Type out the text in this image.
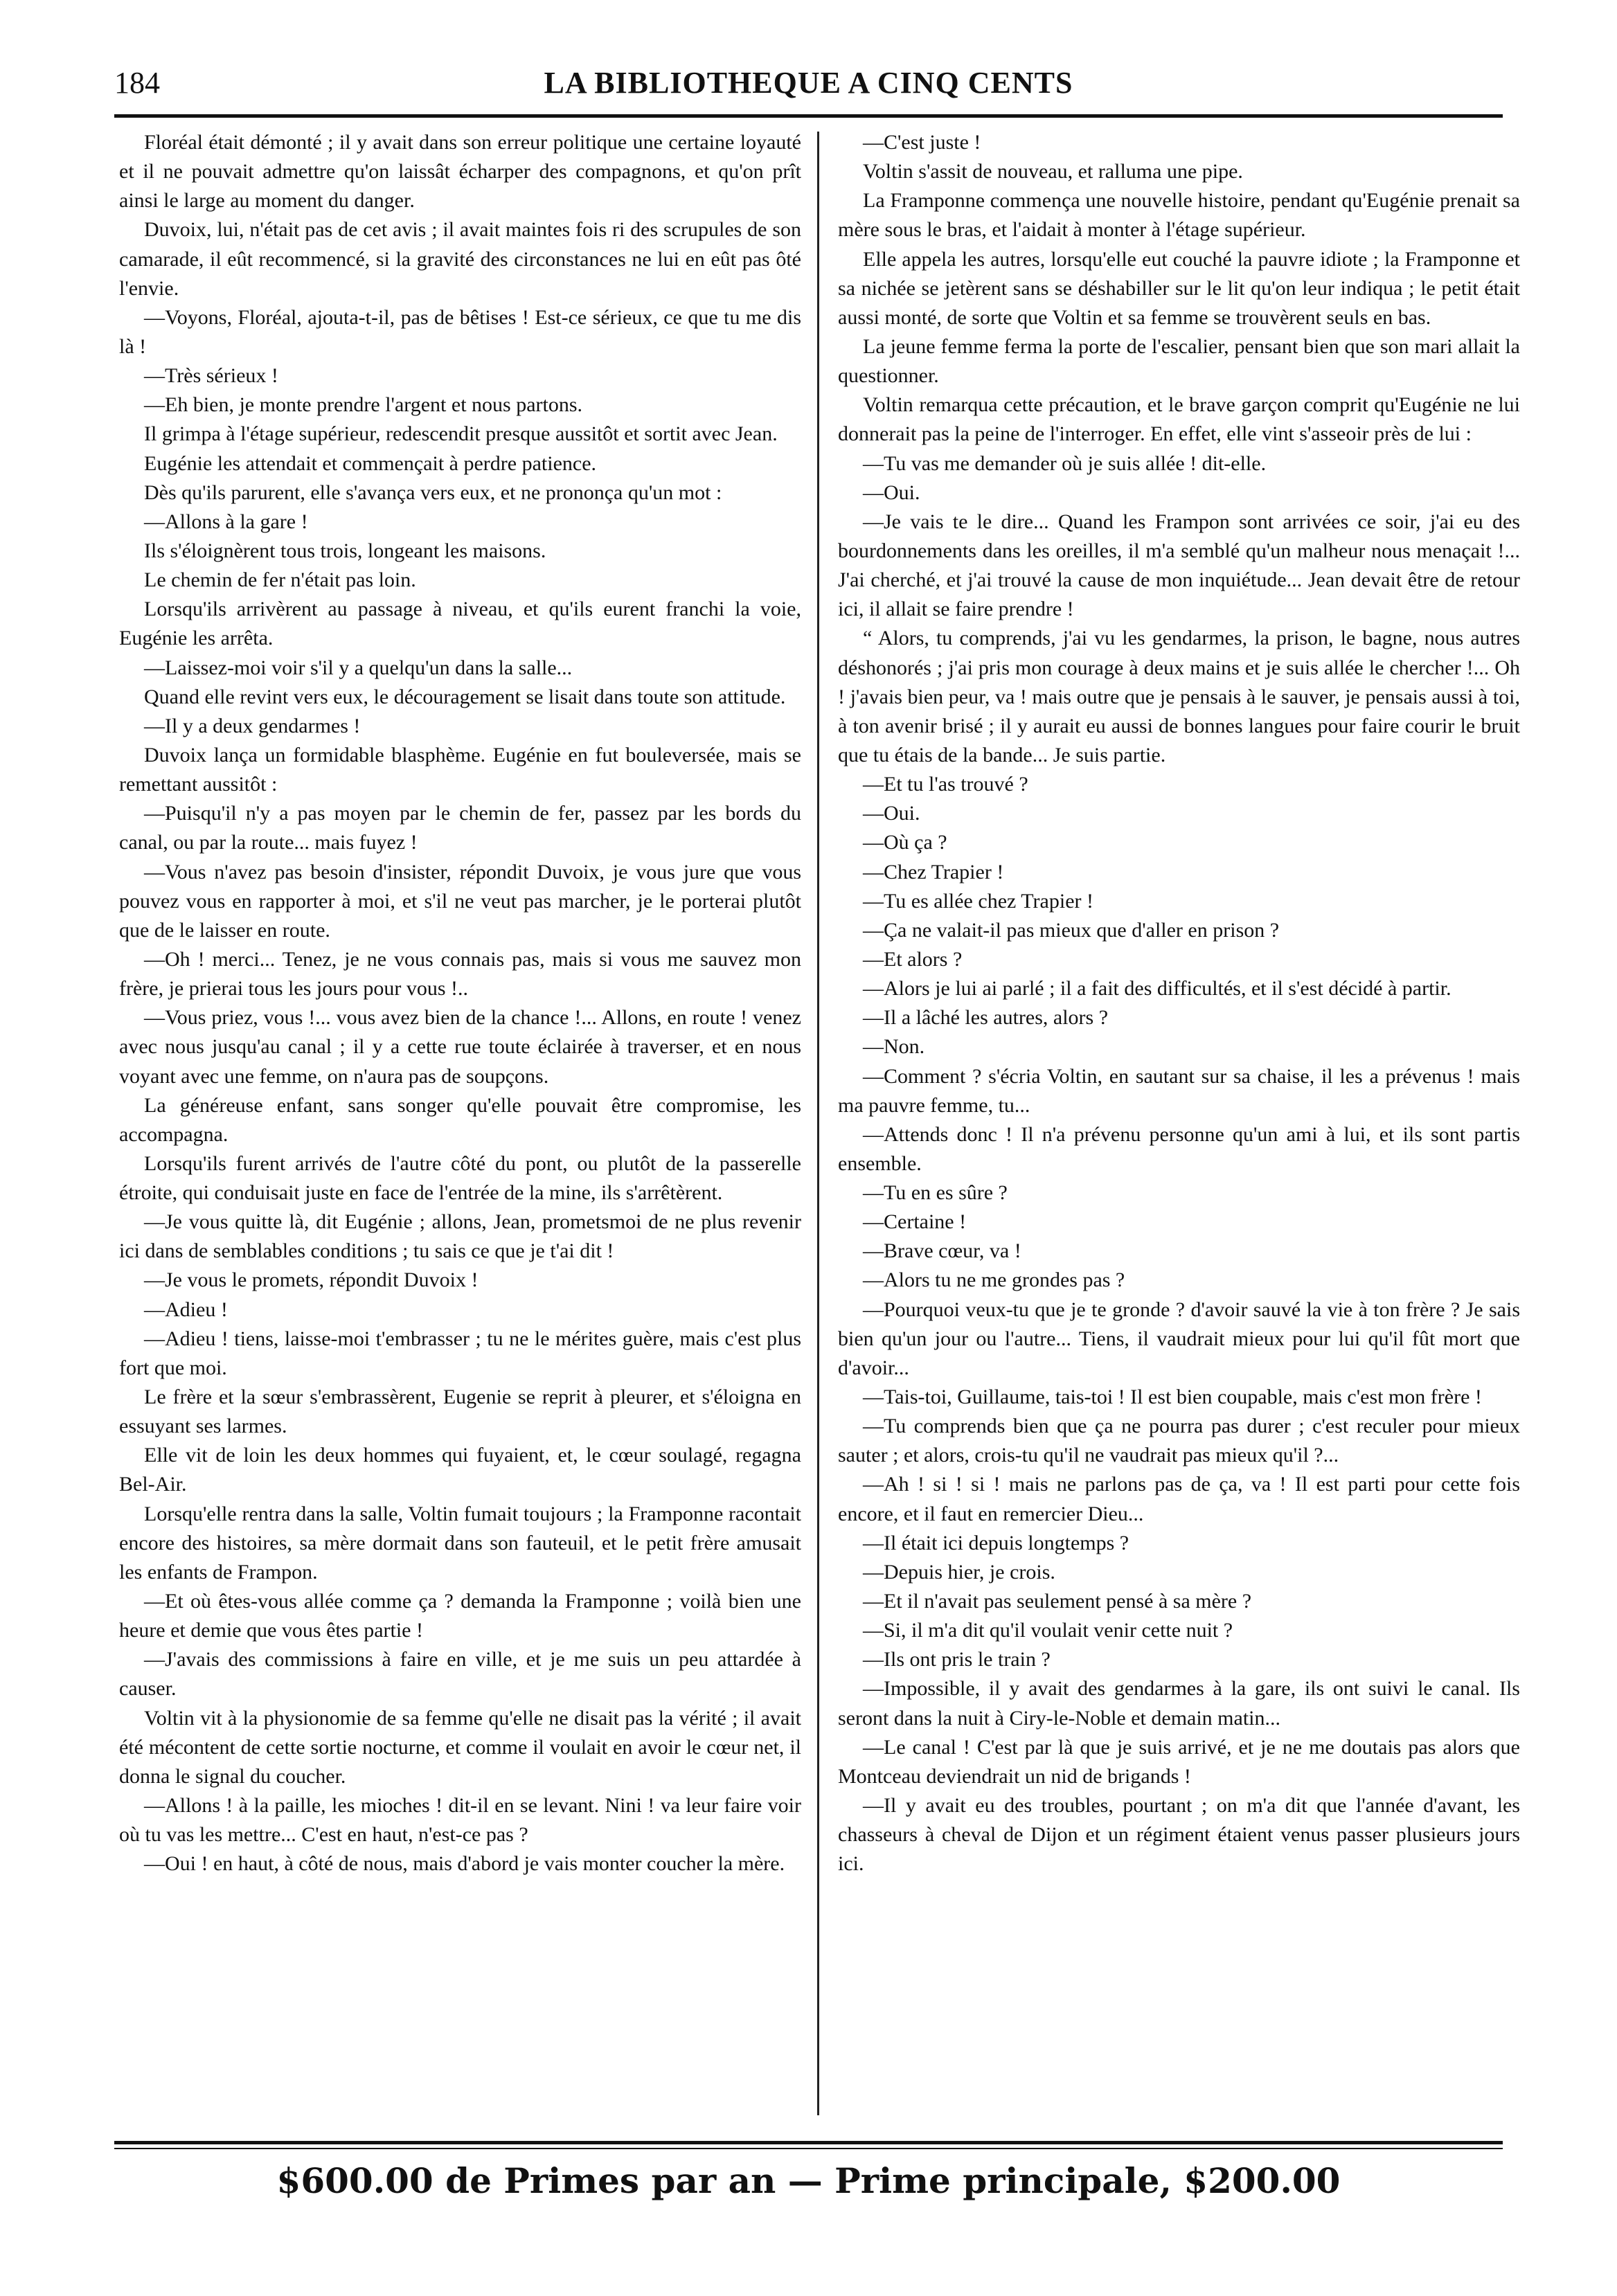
184	LA BIBLIOTHEQUE A CINQ CENTS

Floréal était démonté ; il y avait dans son erreur politique une certaine loyauté et il ne pouvait admettre qu'on laissât écharper des compagnons, et qu'on prît ainsi le large au moment du danger.

Duvoix, lui, n'était pas de cet avis ; il avait maintes fois ri des scrupules de son camarade, il eût recommencé, si la gravité des circonstances ne lui en eût pas ôté l'envie.

—Voyons, Floréal, ajouta-t-il, pas de bêtises ! Est-ce sérieux, ce que tu me dis là !

—Très sérieux !

—Eh bien, je monte prendre l'argent et nous partons.

Il grimpa à l'étage supérieur, redescendit presque aussitôt et sortit avec Jean.

Eugénie les attendait et commençait à perdre patience.

Dès qu'ils parurent, elle s'avança vers eux, et ne prononça qu'un mot :

—Allons à la gare !

Ils s'éloignèrent tous trois, longeant les maisons.

Le chemin de fer n'était pas loin.

Lorsqu'ils arrivèrent au passage à niveau, et qu'ils eurent franchi la voie, Eugénie les arrêta.

—Laissez-moi voir s'il y a quelqu'un dans la salle...

Quand elle revint vers eux, le découragement se lisait dans toute son attitude.

—Il y a deux gendarmes !

Duvoix lança un formidable blasphème. Eugénie en fut bouleversée, mais se remettant aussitôt :

—Puisqu'il n'y a pas moyen par le chemin de fer, passez par les bords du canal, ou par la route... mais fuyez !

—Vous n'avez pas besoin d'insister, répondit Duvoix, je vous jure que vous pouvez vous en rapporter à moi, et s'il ne veut pas marcher, je le porterai plutôt que de le laisser en route.

—Oh ! merci... Tenez, je ne vous connais pas, mais si vous me sauvez mon frère, je prierai tous les jours pour vous !..

—Vous priez, vous !... vous avez bien de la chance !... Allons, en route ! venez avec nous jusqu'au canal ; il y a cette rue toute éclairée à traverser, et en nous voyant avec une femme, on n'aura pas de soupçons.

La généreuse enfant, sans songer qu'elle pouvait être compromise, les accompagna.

Lorsqu'ils furent arrivés de l'autre côté du pont, ou plutôt de la passerelle étroite, qui conduisait juste en face de l'entrée de la mine, ils s'arrêtèrent.

—Je vous quitte là, dit Eugénie ; allons, Jean, prometsmoi de ne plus revenir ici dans de semblables conditions ; tu sais ce que je t'ai dit !

—Je vous le promets, répondit Duvoix !

—Adieu !

—Adieu ! tiens, laisse-moi t'embrasser ; tu ne le mérites guère, mais c'est plus fort que moi.

Le frère et la sœur s'embrassèrent, Eugenie se reprit à pleurer, et s'éloigna en essuyant ses larmes.

Elle vit de loin les deux hommes qui fuyaient, et, le cœur soulagé, regagna Bel-Air.

Lorsqu'elle rentra dans la salle, Voltin fumait toujours ; la Framponne racontait encore des histoires, sa mère dormait dans son fauteuil, et le petit frère amusait les enfants de Frampon.

—Et où êtes-vous allée comme ça ? demanda la Framponne ; voilà bien une heure et demie que vous êtes partie !

—J'avais des commissions à faire en ville, et je me suis un peu attardée à causer.

Voltin vit à la physionomie de sa femme qu'elle ne disait pas la vérité ; il avait été mécontent de cette sortie nocturne, et comme il voulait en avoir le cœur net, il donna le signal du coucher.

—Allons ! à la paille, les mioches ! dit-il en se levant. Nini ! va leur faire voir où tu vas les mettre... C'est en haut, n'est-ce pas ?

—Oui ! en haut, à côté de nous, mais d'abord je vais monter coucher la mère.

—C'est juste !

Voltin s'assit de nouveau, et ralluma une pipe.

La Framponne commença une nouvelle histoire, pendant qu'Eugénie prenait sa mère sous le bras, et l'aidait à monter à l'étage supérieur.

Elle appela les autres, lorsqu'elle eut couché la pauvre idiote ; la Framponne et sa nichée se jetèrent sans se déshabiller sur le lit qu'on leur indiqua ; le petit était aussi monté, de sorte que Voltin et sa femme se trouvèrent seuls en bas.

La jeune femme ferma la porte de l'escalier, pensant bien que son mari allait la questionner.

Voltin remarqua cette précaution, et le brave garçon comprit qu'Eugénie ne lui donnerait pas la peine de l'interroger. En effet, elle vint s'asseoir près de lui :

—Tu vas me demander où je suis allée ! dit-elle.

—Oui.

—Je vais te le dire... Quand les Frampon sont arrivées ce soir, j'ai eu des bourdonnements dans les oreilles, il m'a semblé qu'un malheur nous menaçait !... J'ai cherché, et j'ai trouvé la cause de mon inquiétude... Jean devait être de retour ici, il allait se faire prendre !

“ Alors, tu comprends, j'ai vu les gendarmes, la prison, le bagne, nous autres déshonorés ; j'ai pris mon courage à deux mains et je suis allée le chercher !... Oh ! j'avais bien peur, va ! mais outre que je pensais à le sauver, je pensais aussi à toi, à ton avenir brisé ; il y aurait eu aussi de bonnes langues pour faire courir le bruit que tu étais de la bande... Je suis partie.

—Et tu l'as trouvé ?

—Oui.

—Où ça ?

—Chez Trapier !

—Tu es allée chez Trapier !

—Ça ne valait-il pas mieux que d'aller en prison ?

—Et alors ?

—Alors je lui ai parlé ; il a fait des difficultés, et il s'est décidé à partir.

—Il a lâché les autres, alors ?

—Non.

—Comment ? s'écria Voltin, en sautant sur sa chaise, il les a prévenus ! mais ma pauvre femme, tu...

—Attends donc ! Il n'a prévenu personne qu'un ami à lui, et ils sont partis ensemble.

—Tu en es sûre ?

—Certaine !

—Brave cœur, va !

—Alors tu ne me grondes pas ?

—Pourquoi veux-tu que je te gronde ? d'avoir sauvé la vie à ton frère ? Je sais bien qu'un jour ou l'autre... Tiens, il vaudrait mieux pour lui qu'il fût mort que d'avoir...

—Tais-toi, Guillaume, tais-toi ! Il est bien coupable, mais c'est mon frère !

—Tu comprends bien que ça ne pourra pas durer ; c'est reculer pour mieux sauter ; et alors, crois-tu qu'il ne vaudrait pas mieux qu'il ?...

—Ah ! si ! si ! mais ne parlons pas de ça, va ! Il est parti pour cette fois encore, et il faut en remercier Dieu...

—Il était ici depuis longtemps ?

—Depuis hier, je crois.

—Et il n'avait pas seulement pensé à sa mère ?

—Si, il m'a dit qu'il voulait venir cette nuit ?

—Ils ont pris le train ?

—Impossible, il y avait des gendarmes à la gare, ils ont suivi le canal. Ils seront dans la nuit à Ciry-le-Noble et demain matin...

—Le canal ! C'est par là que je suis arrivé, et je ne me doutais pas alors que Montceau deviendrait un nid de brigands !

—Il y avait eu des troubles, pourtant ; on m'a dit que l'année d'avant, les chasseurs à cheval de Dijon et un régiment étaient venus passer plusieurs jours ici.

$600.00 de Primes par an — Prime principale, $200.00
